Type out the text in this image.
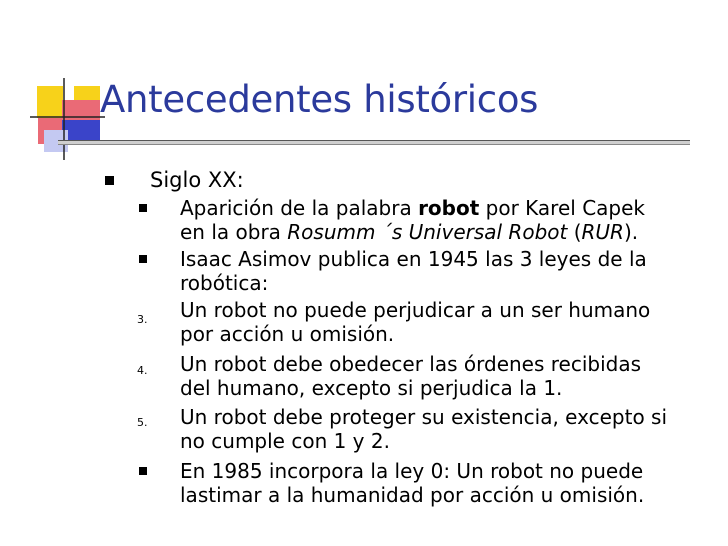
Antecedentes históricos
Siglo XX:
Aparición de la palabra robot por Karel Capek
en la obra Rosumm ´s Universal Robot (RUR).
Isaac Asimov publica en 1945 las 3 leyes de la
robótica:
3. Un robot no puede perjudicar a un ser humano
por acción u omisión.
4. Un robot debe obedecer las órdenes recibidas
del humano, excepto si perjudica la 1.
5. Un robot debe proteger su existencia, excepto si
no cumple con 1 y 2.
En 1985 incorpora la ley 0: Un robot no puede
lastimar a la humanidad por acción u omisión.
